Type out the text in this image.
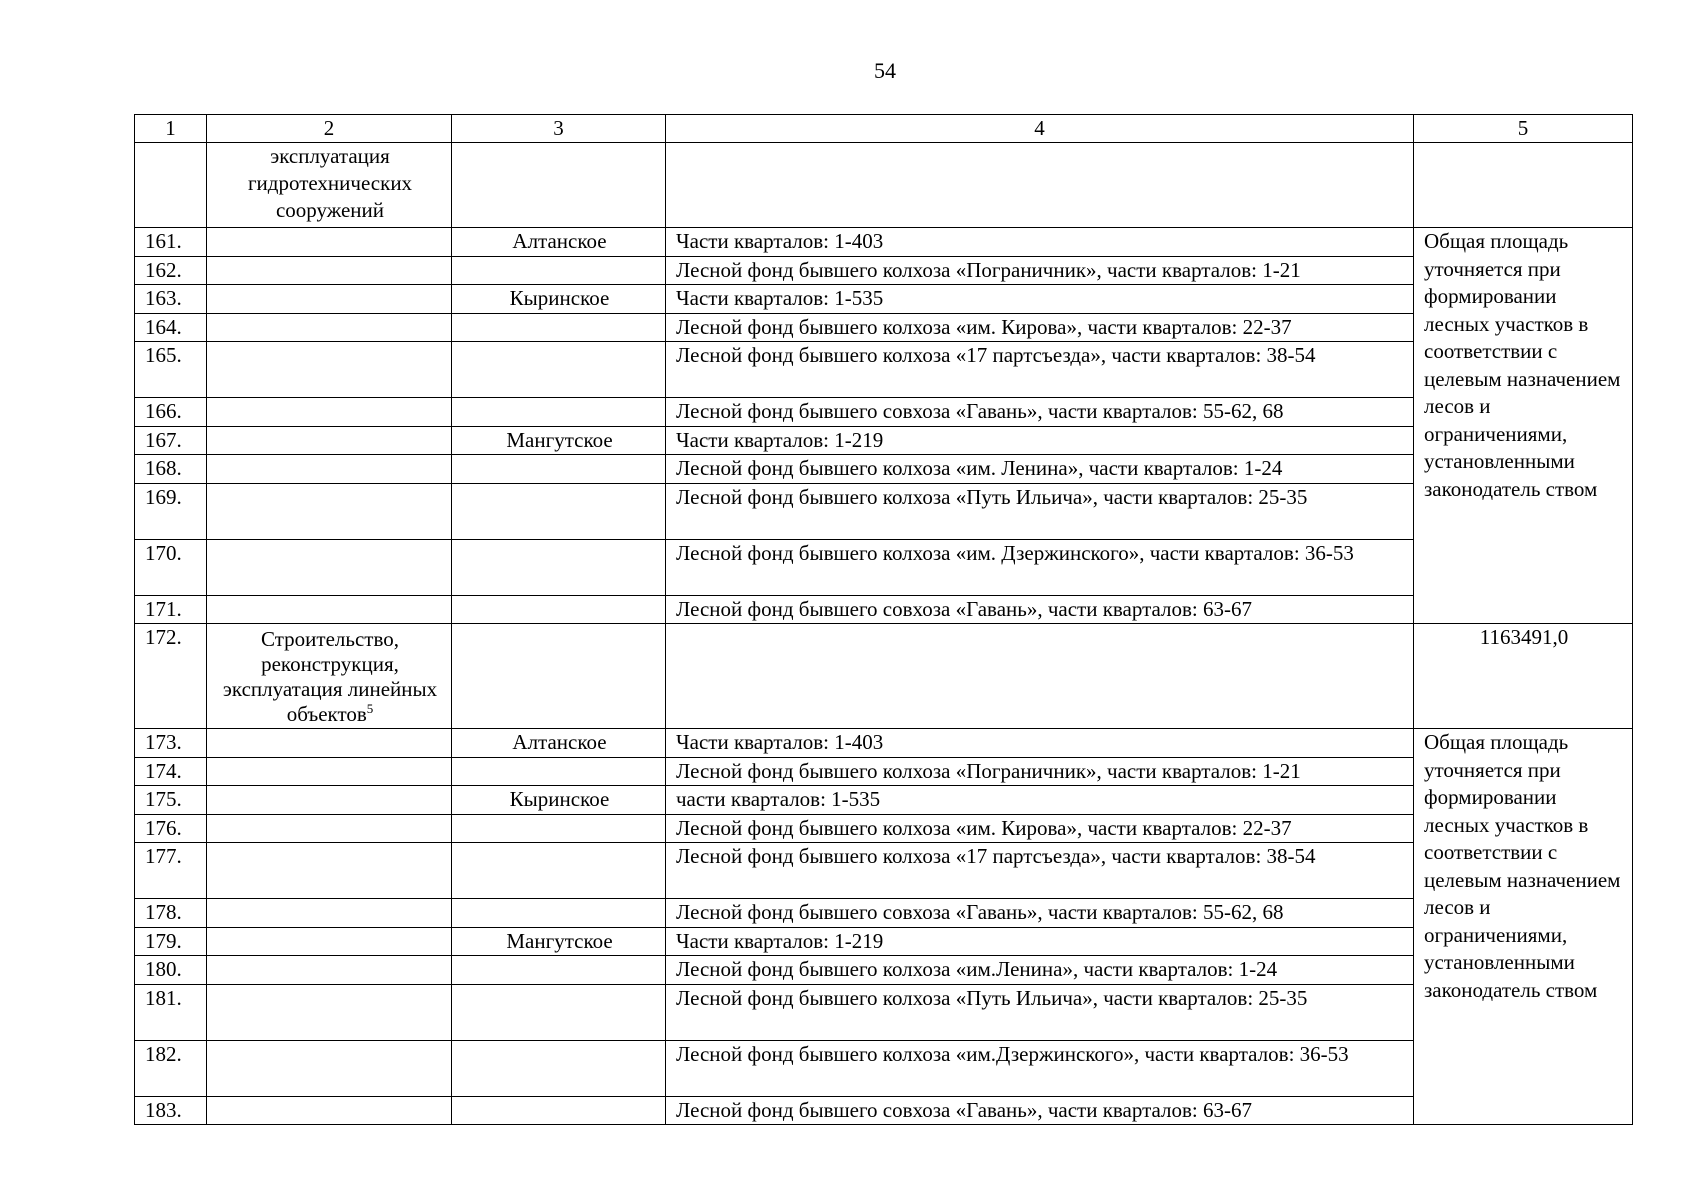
54
1	2	3	4	5
	эксплуатация гидротехнических сооружений			
161.		Алтанское	Части кварталов: 1-403	Общая площадь уточняется при формировании лесных участков в соответствии с целевым назначением лесов и ограничениями, установленными законодатель ством
162.			Лесной фонд бывшего колхоза «Пограничник», части кварталов: 1-21	
163.		Кыринское	Части кварталов: 1-535	
164.			Лесной фонд бывшего колхоза «им. Кирова», части кварталов: 22-37	
165.			Лесной фонд бывшего колхоза «17 партсъезда», части кварталов: 38-54	
166.			Лесной фонд бывшего совхоза «Гавань», части кварталов: 55-62, 68	
167.		Мангутское	Части кварталов: 1-219	
168.			Лесной фонд бывшего колхоза «им. Ленина», части кварталов: 1-24	
169.			Лесной фонд бывшего колхоза «Путь Ильича», части кварталов: 25-35	
170.			Лесной фонд бывшего колхоза «им. Дзержинского», части кварталов: 36-53	
171.			Лесной фонд бывшего совхоза «Гавань», части кварталов: 63-67	
172.	Строительство, реконструкция, эксплуатация линейных объектов$^5$			1163491,0
173.		Алтанское	Части кварталов: 1-403	Общая площадь уточняется при формировании лесных участков в соответствии с целевым назначением лесов и ограничениями, установленными законодатель ством
174.			Лесной фонд бывшего колхоза «Пограничник», части кварталов: 1-21	
175.		Кыринское	части кварталов: 1-535	
176.			Лесной фонд бывшего колхоза «им. Кирова», части кварталов: 22-37	
177.			Лесной фонд бывшего колхоза «17 партсъезда», части кварталов: 38-54	
178.			Лесной фонд бывшего совхоза «Гавань», части кварталов: 55-62, 68	
179.		Мангутское	Части кварталов: 1-219	
180.			Лесной фонд бывшего колхоза «им.Ленина», части кварталов: 1-24	
181.			Лесной фонд бывшего колхоза «Путь Ильича», части кварталов: 25-35	
182.			Лесной фонд бывшего колхоза «им.Дзержинского», части кварталов: 36-53	
183.			Лесной фонд бывшего совхоза «Гавань», части кварталов: 63-67	
